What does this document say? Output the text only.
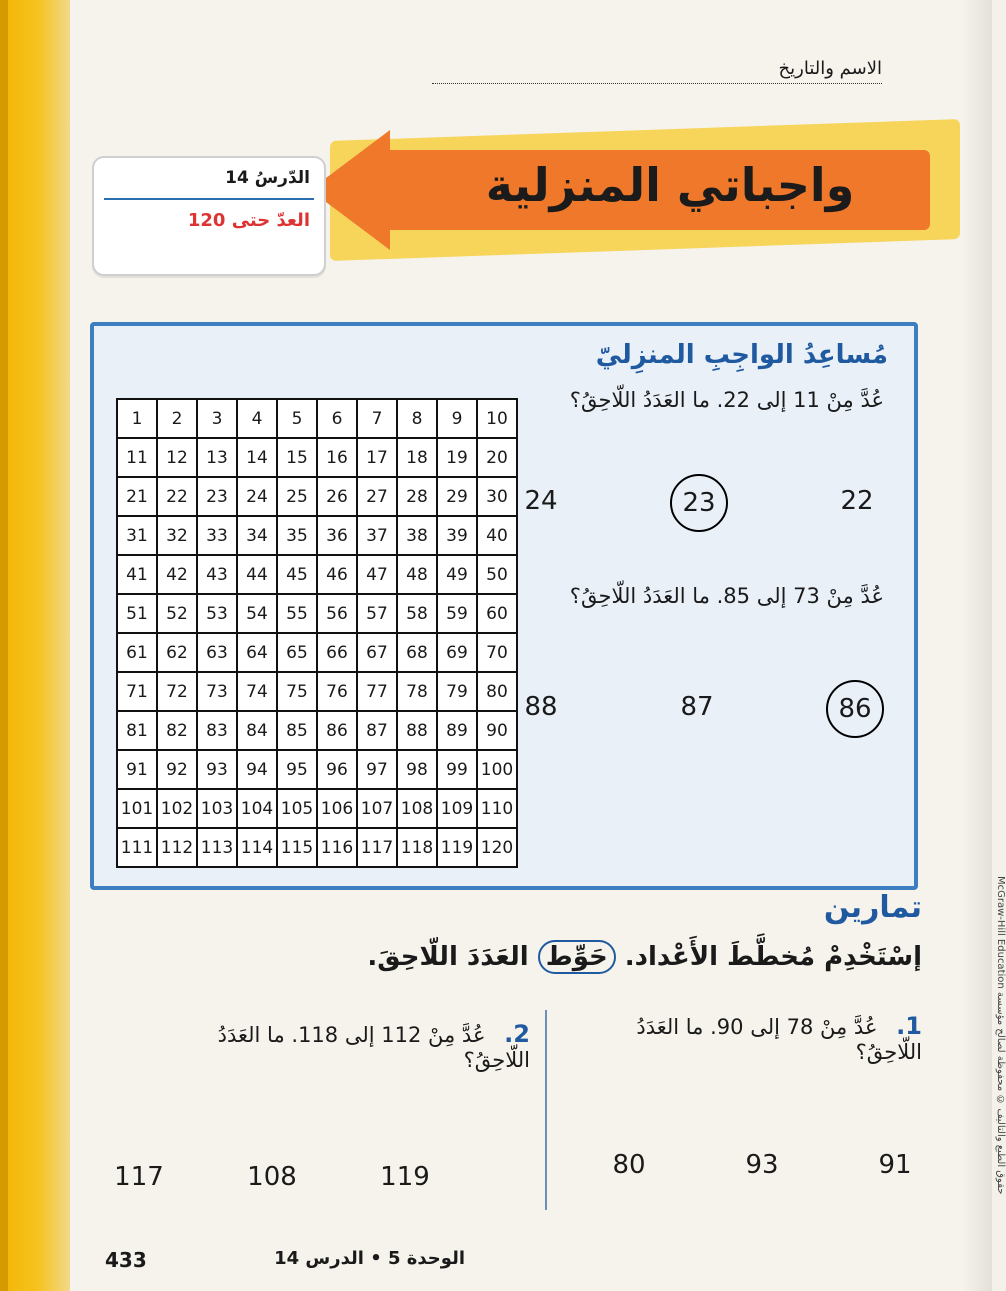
McGraw-Hill Education حقوق الطبع والتأليف © محفوظة لصالح مؤسسة
الاسم والتاريخ
واجباتي المنزلية
الدّرسُ 14
العدّ حتى 120
مُساعِدُ الواجِبِ المنزِليّ
عُدَّ مِنْ 11 إلى 22. ما العَدَدُ اللّاحِقُ؟
22
23
24
عُدَّ مِنْ 73 إلى 85. ما العَدَدُ اللّاحِقُ؟
86
87
88
1	2	3	4	5	6	7	8	9	10
11	12	13	14	15	16	17	18	19	20
21	22	23	24	25	26	27	28	29	30
31	32	33	34	35	36	37	38	39	40
41	42	43	44	45	46	47	48	49	50
51	52	53	54	55	56	57	58	59	60
61	62	63	64	65	66	67	68	69	70
71	72	73	74	75	76	77	78	79	80
81	82	83	84	85	86	87	88	89	90
91	92	93	94	95	96	97	98	99	100
101	102	103	104	105	106	107	108	109	110
111	112	113	114	115	116	117	118	119	120
تمارين
إسْتَخْدِمْ مُخطَّطَ الأَعْداد. حَوِّط العَدَدَ اللّاحِقَ.
1. عُدَّ مِنْ 78 إلى 90. ما العَدَدُ اللّاحِقُ؟
91
93
80
2. عُدَّ مِنْ 112 إلى 118. ما العَدَدُ اللّاحِقُ؟
119
108
117
433	الوحدة 5 • الدرس 14
